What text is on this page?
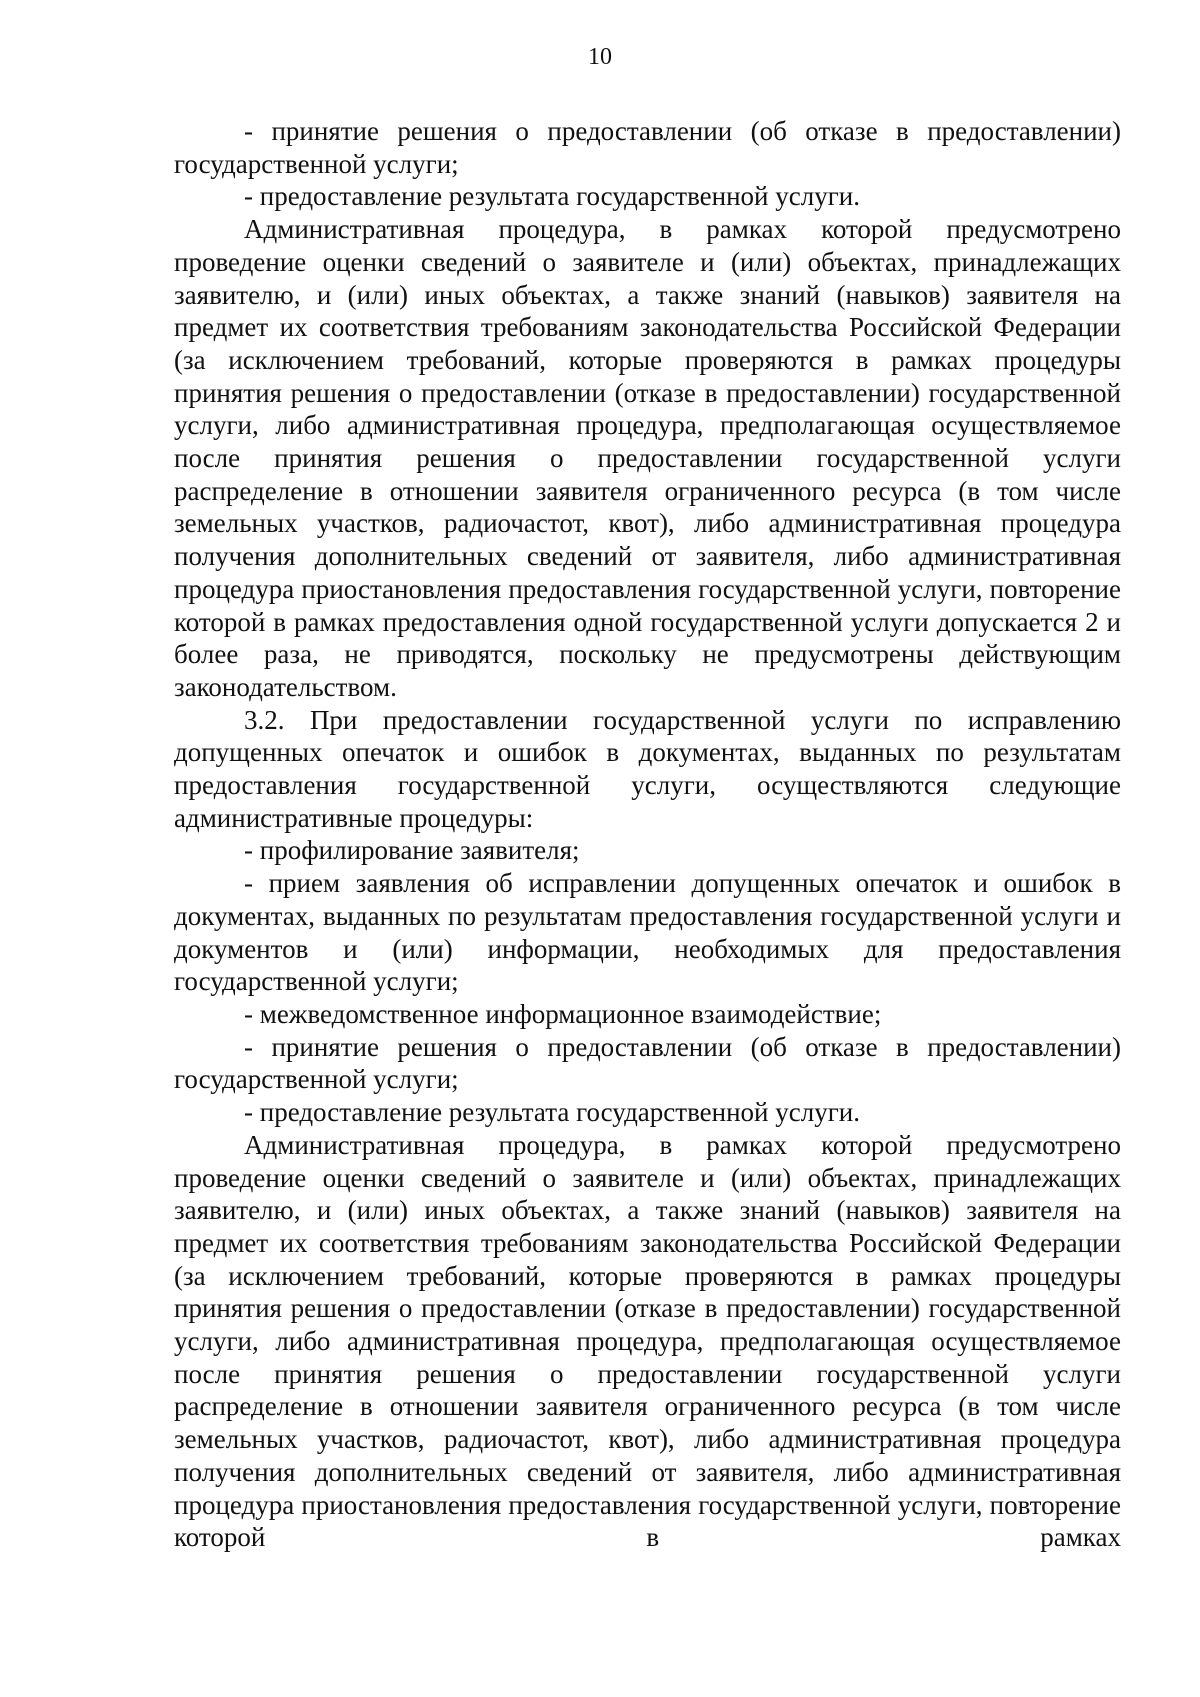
10

- принятие решения о предоставлении (об отказе в предоставлении) государственной услуги;

- предоставление результата государственной услуги.

Административная процедура, в рамках которой предусмотрено проведение оценки сведений о заявителе и (или) объектах, принадлежащих заявителю, и (или) иных объектах, а также знаний (навыков) заявителя на предмет их соответствия требованиям законодательства Российской Федерации (за исключением требований, которые проверяются в рамках процедуры принятия решения о предоставлении (отказе в предоставлении) государственной услуги, либо административная процедура, предполагающая осуществляемое после принятия решения о предоставлении государственной услуги распределение в отношении заявителя ограниченного ресурса (в том числе земельных участков, радиочастот, квот), либо административная процедура получения дополнительных сведений от заявителя, либо административная процедура приостановления предоставления государственной услуги, повторение которой в рамках предоставления одной государственной услуги допускается 2 и более раза, не приводятся, поскольку не предусмотрены действующим законодательством.

3.2. При предоставлении государственной услуги по исправлению допущенных опечаток и ошибок в документах, выданных по результатам предоставления государственной услуги, осуществляются следующие административные процедуры:

- профилирование заявителя;

- прием заявления об исправлении допущенных опечаток и ошибок в документах, выданных по результатам предоставления государственной услуги и документов и (или) информации, необходимых для предоставления государственной услуги;

- межведомственное информационное взаимодействие;

- принятие решения о предоставлении (об отказе в предоставлении) государственной услуги;

- предоставление результата государственной услуги.

Административная процедура, в рамках которой предусмотрено проведение оценки сведений о заявителе и (или) объектах, принадлежащих заявителю, и (или) иных объектах, а также знаний (навыков) заявителя на предмет их соответствия требованиям законодательства Российской Федерации (за исключением требований, которые проверяются в рамках процедуры принятия решения о предоставлении (отказе в предоставлении) государственной услуги, либо административная процедура, предполагающая осуществляемое после принятия решения о предоставлении государственной услуги распределение в отношении заявителя ограниченного ресурса (в том числе земельных участков, радиочастот, квот), либо административная процедура получения дополнительных сведений от заявителя, либо административная процедура приостановления предоставления государственной услуги, повторение которой в рамках
